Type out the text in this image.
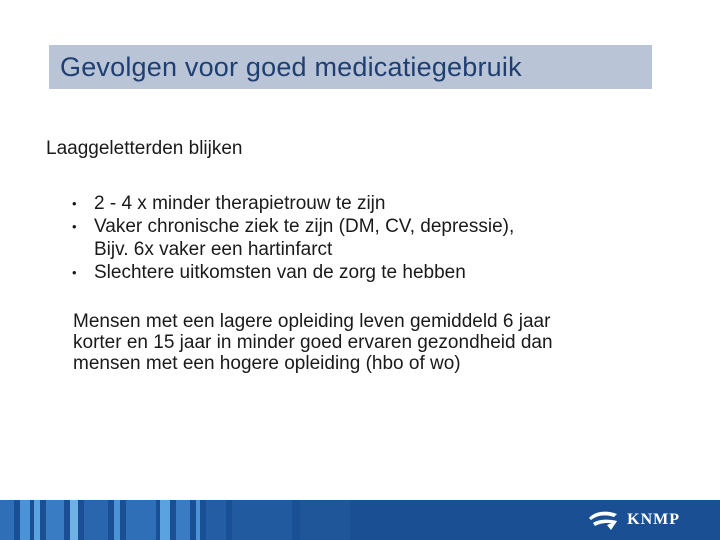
Gevolgen voor goed medicatiegebruik
Laaggeletterden blijken
• 2 - 4 x minder therapietrouw te zijn
• Vaker chronische ziek te zijn (DM, CV, depressie),
Bijv. 6x vaker een hartinfarct
• Slechtere uitkomsten van de zorg te hebben
Mensen met een lagere opleiding leven gemiddeld 6 jaar
korter en 15 jaar in minder goed ervaren gezondheid dan
mensen met een hogere opleiding (hbo of wo)
KNMP
